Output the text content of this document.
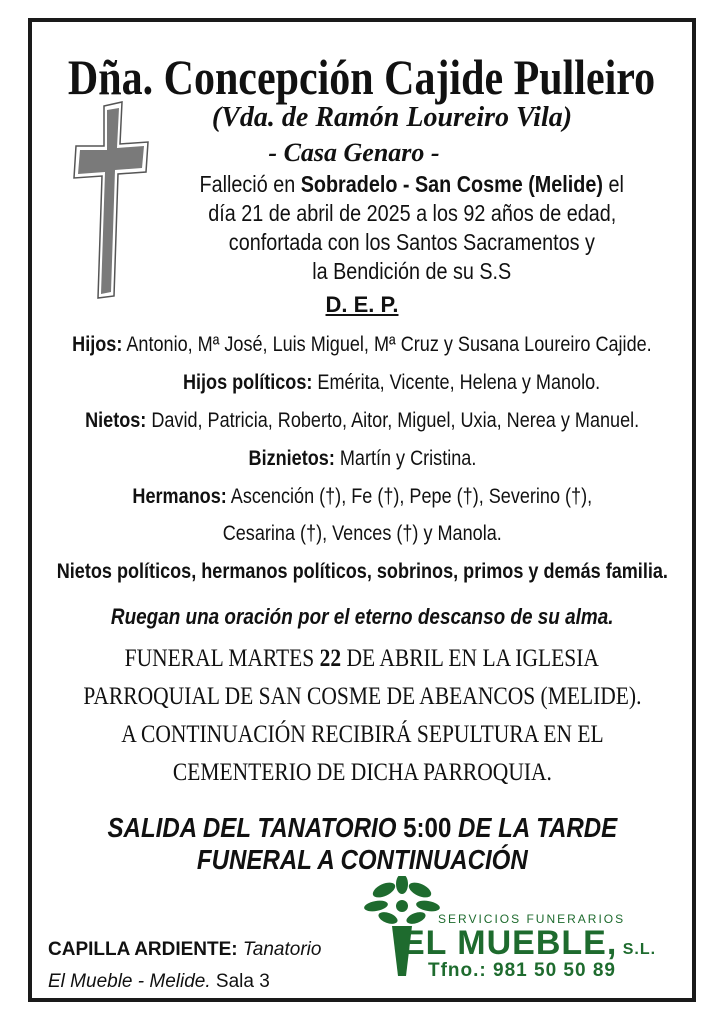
Dña. Concepción Cajide Pulleiro
(Vda. de Ramón Loureiro Vila)
- Casa Genaro -
Falleció en Sobradelo - San Cosme (Melide) el
día 21 de abril de 2025 a los 92 años de edad,
confortada con los Santos Sacramentos y
la Bendición de su S.S
D. E. P.
Hijos: Antonio, Mª José, Luis Miguel, Mª Cruz y Susana Loureiro Cajide.
Hijos políticos: Emérita, Vicente, Helena y Manolo.
Nietos: David, Patricia, Roberto, Aitor, Miguel, Uxia, Nerea y Manuel.
Biznietos: Martín y Cristina.
Hermanos: Ascención (†), Fe (†), Pepe (†), Severino (†),
Cesarina (†), Vences (†) y Manola.
Nietos políticos, hermanos políticos, sobrinos, primos y demás familia.
Ruegan una oración por el eterno descanso de su alma.
FUNERAL MARTES 22 DE ABRIL EN LA IGLESIA
PARROQUIAL DE SAN COSME DE ABEANCOS (MELIDE).
A CONTINUACIÓN RECIBIRÁ SEPULTURA EN EL
CEMENTERIO DE DICHA PARROQUIA.
SALIDA DEL TANATORIO 5:00 DE LA TARDE
FUNERAL A CONTINUACIÓN
CAPILLA ARDIENTE: Tanatorio
El Mueble - Melide. Sala 3
SERVICIOS FUNERARIOS
EL MUEBLE, S.L.
Tfno.: 981 50 50 89
